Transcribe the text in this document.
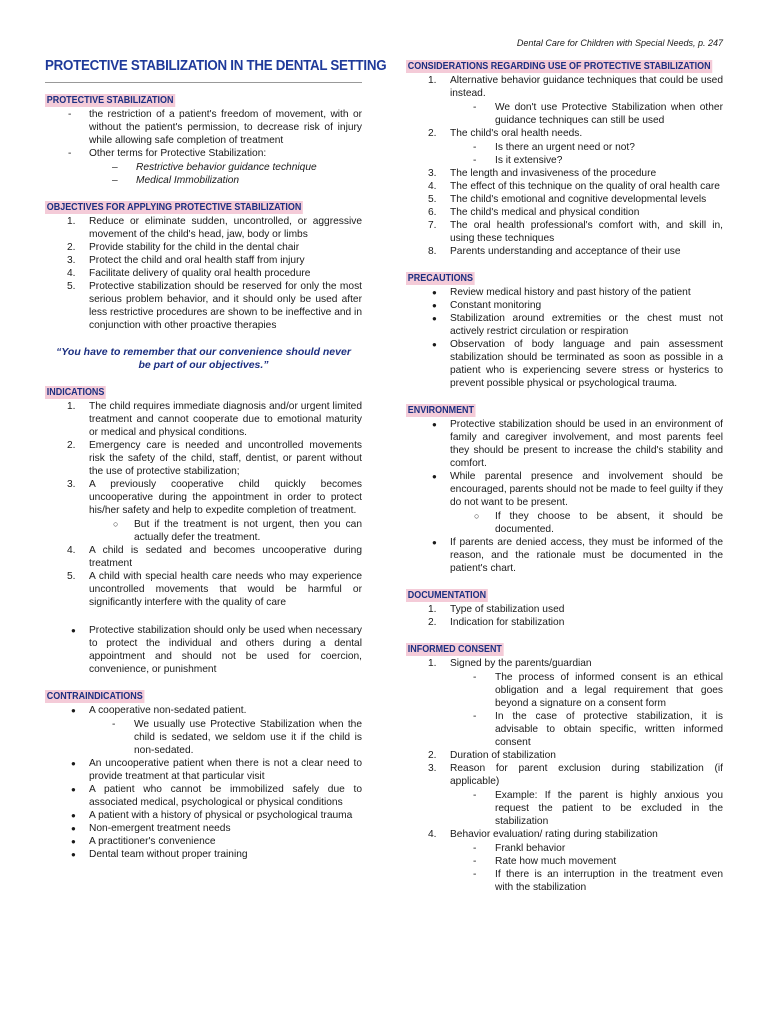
Dental Care for Children with Special Needs, p. 247
PROTECTIVE STABILIZATION IN THE DENTAL SETTING
PROTECTIVE STABILIZATION
- the restriction of a patient's freedom of movement, with or without the patient's permission, to decrease risk of injury while allowing safe completion of treatment
- Other terms for Protective Stabilization:
– Restrictive behavior guidance technique
– Medical Immobilization
OBJECTIVES FOR APPLYING PROTECTIVE STABILIZATION
1. Reduce or eliminate sudden, uncontrolled, or aggressive movement of the child's head, jaw, body or limbs
2. Provide stability for the child in the dental chair
3. Protect the child and oral health staff from injury
4. Facilitate delivery of quality oral health procedure
5. Protective stabilization should be reserved for only the most serious problem behavior, and it should only be used after less restrictive procedures are shown to be ineffective and in conjunction with other proactive therapies
“You have to remember that our convenience should never be part of our objectives.”
INDICATIONS
1. The child requires immediate diagnosis and/or urgent limited treatment and cannot cooperate due to emotional maturity or medical and physical conditions.
2. Emergency care is needed and uncontrolled movements risk the safety of the child, staff, dentist, or parent without the use of protective stabilization;
3. A previously cooperative child quickly becomes uncooperative during the appointment in order to protect his/her safety and help to expedite completion of treatment.
○ But if the treatment is not urgent, then you can actually defer the treatment.
4. A child is sedated and becomes uncooperative during treatment
5. A child with special health care needs who may experience uncontrolled movements that would be harmful or significantly interfere with the quality of care
● Protective stabilization should only be used when necessary to protect the individual and others during a dental appointment and should not be used for coercion, convenience, or punishment
CONTRAINDICATIONS
● A cooperative non-sedated patient.
- We usually use Protective Stabilization when the child is sedated, we seldom use it if the child is non-sedated.
● An uncooperative patient when there is not a clear need to provide treatment at that particular visit
● A patient who cannot be immobilized safely due to associated medical, psychological or physical conditions
● A patient with a history of physical or psychological trauma
● Non-emergent treatment needs
● A practitioner's convenience
● Dental team without proper training
CONSIDERATIONS REGARDING USE OF PROTECTIVE STABILIZATION
1. Alternative behavior guidance techniques that could be used instead.
- We don't use Protective Stabilization when other guidance techniques can still be used
2. The child's oral health needs.
- Is there an urgent need or not?
- Is it extensive?
3. The length and invasiveness of the procedure
4. The effect of this technique on the quality of oral health care
5. The child's emotional and cognitive developmental levels
6. The child's medical and physical condition
7. The oral health professional's comfort with, and skill in, using these techniques
8. Parents understanding and acceptance of their use
PRECAUTIONS
● Review medical history and past history of the patient
● Constant monitoring
● Stabilization around extremities or the chest must not actively restrict circulation or respiration
● Observation of body language and pain assessment stabilization should be terminated as soon as possible in a patient who is experiencing severe stress or hysterics to prevent possible physical or psychological trauma.
ENVIRONMENT
● Protective stabilization should be used in an environment of family and caregiver involvement, and most parents feel they should be present to increase the child's stability and comfort.
● While parental presence and involvement should be encouraged, parents should not be made to feel guilty if they do not want to be present.
○ If they choose to be absent, it should be documented.
● If parents are denied access, they must be informed of the reason, and the rationale must be documented in the patient's chart.
DOCUMENTATION
1. Type of stabilization used
2. Indication for stabilization
INFORMED CONSENT
1. Signed by the parents/guardian
- The process of informed consent is an ethical obligation and a legal requirement that goes beyond a signature on a consent form
- In the case of protective stabilization, it is advisable to obtain specific, written informed consent
2. Duration of stabilization
3. Reason for parent exclusion during stabilization (if applicable)
- Example: If the parent is highly anxious you request the patient to be excluded in the stabilization
4. Behavior evaluation/ rating during stabilization
- Frankl behavior
- Rate how much movement
- If there is an interruption in the treatment even with the stabilization
